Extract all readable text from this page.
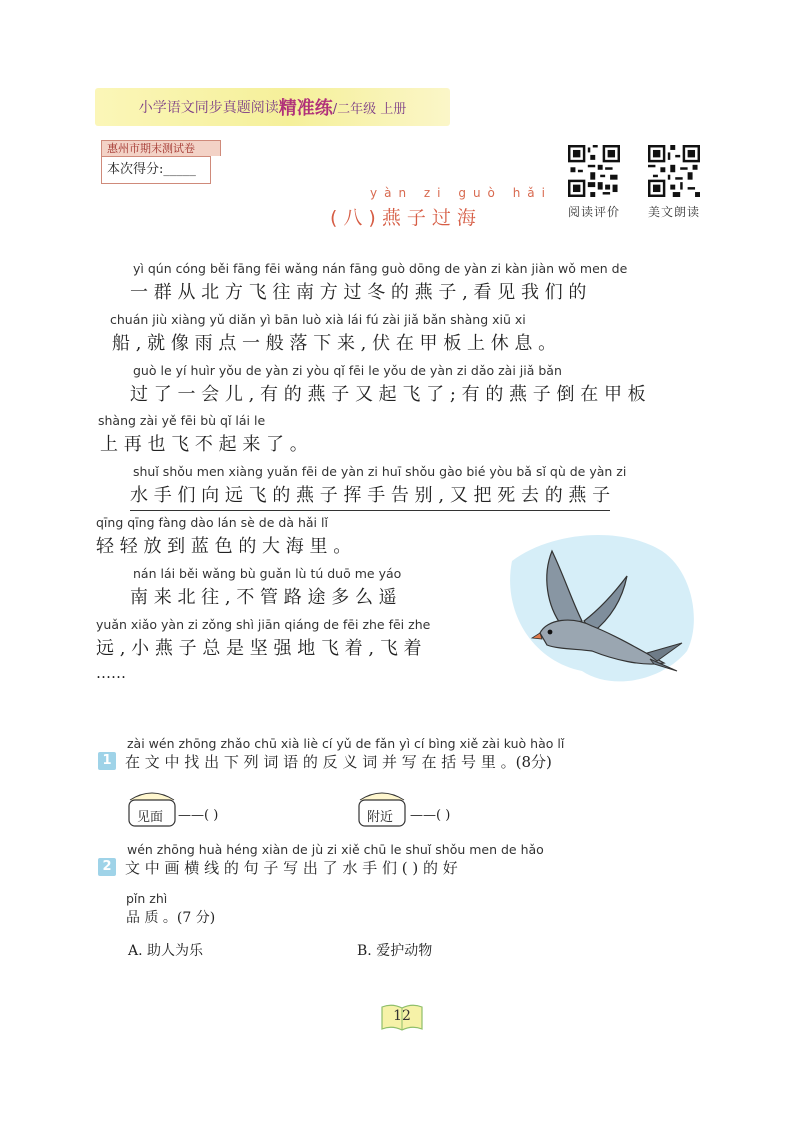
小学语文同步真题阅读 精准练 /二年级 上册
惠州市期末测试卷
本次得分:_____
阅读评价	美文朗读
yàn zi guò hǎi
(八)燕子过海
yì qún cóng běi fāng fēi wǎng nán fāng guò dōng de yàn zi kàn jiàn wǒ men de
一 群 从 北 方 飞 往 南 方 过 冬 的 燕 子 , 看 见 我 们 的
chuán jiù xiàng yǔ diǎn yì bān luò xià lái fú zài jiǎ bǎn shàng xiū xi
船 , 就 像 雨 点 一 般 落 下 来 , 伏 在 甲 板 上 休 息 。
guò le yí huìr yǒu de yàn zi yòu qǐ fēi le yǒu de yàn zi dǎo zài jiǎ bǎn
过 了 一 会 儿 , 有 的 燕 子 又 起 飞 了 ; 有 的 燕 子 倒 在 甲 板
shàng zài yě fēi bù qǐ lái le
上 再 也 飞 不 起 来 了 。
shuǐ shǒu men xiàng yuǎn fēi de yàn zi huī shǒu gào bié yòu bǎ sǐ qù de yàn zi
水 手 们 向 远 飞 的 燕 子 挥 手 告 别 , 又 把 死 去 的 燕 子
qīng qīng fàng dào lán sè de dà hǎi lǐ
轻 轻 放 到 蓝 色 的 大 海 里 。
nán lái běi wǎng bù guǎn lù tú duō me yáo
南 来 北 往 , 不 管 路 途 多 么 遥
yuǎn xiǎo yàn zi zǒng shì jiān qiáng de fēi zhe fēi zhe
远 , 小 燕 子 总 是 坚 强 地 飞 着 , 飞 着
……
zài wén zhōng zhǎo chū xià liè cí yǔ de fǎn yì cí bìng xiě zài kuò hào lǐ
1 在 文 中 找 出 下 列 词 语 的 反 义 词 并 写 在 括 号 里 。(8分)
见面 ——( )	附近 ——( )
wén zhōng huà héng xiàn de jù zi xiě chū le shuǐ shǒu men de hǎo
2 文 中 画 横 线 的 句 子 写 出 了 水 手 们 ( ) 的 好
pǐn zhì
品 质 。(7 分)
A. 助人为乐	B. 爱护动物
12
